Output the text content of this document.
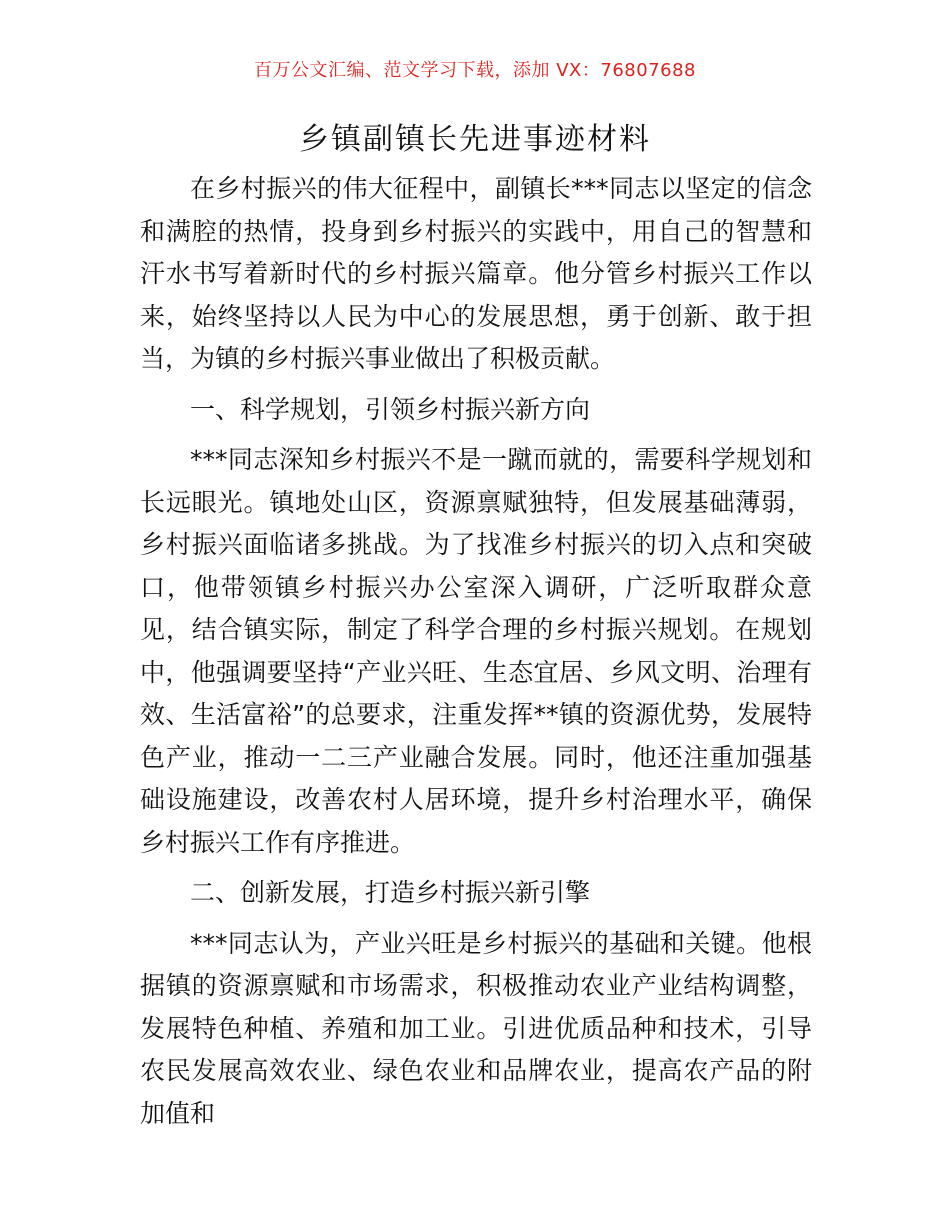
百万公文汇编、范文学习下载，添加 VX：76807688
乡镇副镇长先进事迹材料

在乡村振兴的伟大征程中，副镇长***同志以坚定的信念和满腔的热情，投身到乡村振兴的实践中，用自己的智慧和汗水书写着新时代的乡村振兴篇章。他分管乡村振兴工作以来，始终坚持以人民为中心的发展思想，勇于创新、敢于担当，为镇的乡村振兴事业做出了积极贡献。

一、科学规划，引领乡村振兴新方向

***同志深知乡村振兴不是一蹴而就的，需要科学规划和长远眼光。镇地处山区，资源禀赋独特，但发展基础薄弱，乡村振兴面临诸多挑战。为了找准乡村振兴的切入点和突破口，他带领镇乡村振兴办公室深入调研，广泛听取群众意见，结合镇实际，制定了科学合理的乡村振兴规划。在规划中，他强调要坚持“产业兴旺、生态宜居、乡风文明、治理有效、生活富裕”的总要求，注重发挥**镇的资源优势，发展特色产业，推动一二三产业融合发展。同时，他还注重加强基础设施建设，改善农村人居环境，提升乡村治理水平，确保乡村振兴工作有序推进。

二、创新发展，打造乡村振兴新引擎

***同志认为，产业兴旺是乡村振兴的基础和关键。他根据镇的资源禀赋和市场需求，积极推动农业产业结构调整，发展特色种植、养殖和加工业。引进优质品种和技术，引导农民发展高效农业、绿色农业和品牌农业，提高农产品的附加值和
